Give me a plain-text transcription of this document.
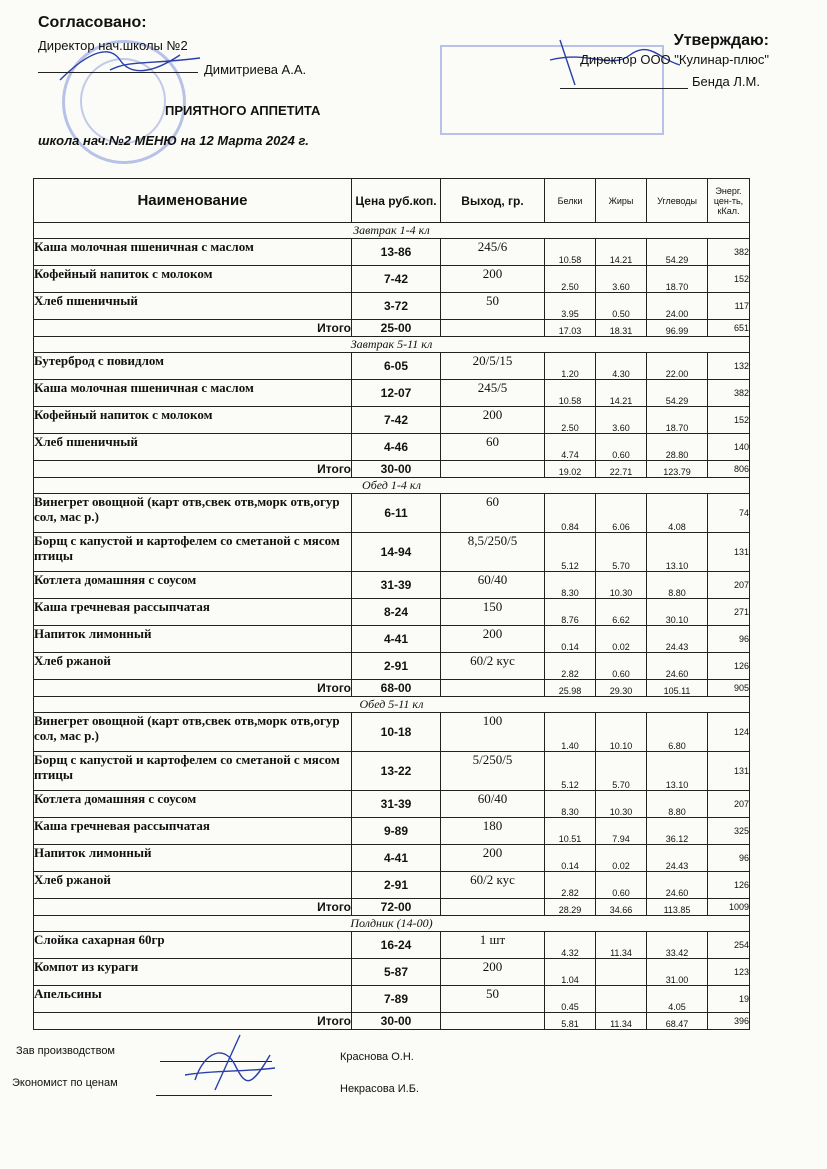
Согласовано:
Директор нач.школы №2
Димитриева А.А.
Утверждаю:
Директор ООО "Кулинар-плюс"
Бенда Л.М.
ПРИЯТНОГО АППЕТИТА
школа нач.№2 МЕНЮ на 12 Марта 2024 г.
Наименование	Цена руб.коп.	Выход, гр.	Белки	Жиры	Углеводы	Энерг. цен-ть, кКал.
Завтрак 1-4 кл						
Каша молочная пшеничная с маслом	13-86	245/6	10.58	14.21	54.29	382
Кофейный напиток с молоком	7-42	200	2.50	3.60	18.70	152
Хлеб пшеничный	3-72	50	3.95	0.50	24.00	117
Итого	25-00		17.03	18.31	96.99	651
Завтрак 5-11 кл						
Бутерброд с повидлом	6-05	20/5/15	1.20	4.30	22.00	132
Каша молочная пшеничная с маслом	12-07	245/5	10.58	14.21	54.29	382
Кофейный напиток с молоком	7-42	200	2.50	3.60	18.70	152
Хлеб пшеничный	4-46	60	4.74	0.60	28.80	140
Итого	30-00		19.02	22.71	123.79	806
Обед 1-4 кл						
Винегрет овощной (карт отв,свек отв,морк отв,огур сол, мас р.)	6-11	60	0.84	6.06	4.08	74
Борщ с капустой и картофелем со сметаной с мясом птицы	14-94	8,5/250/5	5.12	5.70	13.10	131
Котлета домашняя с соусом	31-39	60/40	8.30	10.30	8.80	207
Каша гречневая рассыпчатая	8-24	150	8.76	6.62	30.10	271
Напиток лимонный	4-41	200	0.14	0.02	24.43	96
Хлеб ржаной	2-91	60/2 кус	2.82	0.60	24.60	126
Итого	68-00		25.98	29.30	105.11	905
Обед 5-11 кл						
Винегрет овощной (карт отв,свек отв,морк отв,огур сол, мас р.)	10-18	100	1.40	10.10	6.80	124
Борщ с капустой и картофелем со сметаной с мясом птицы	13-22	5/250/5	5.12	5.70	13.10	131
Котлета домашняя с соусом	31-39	60/40	8.30	10.30	8.80	207
Каша гречневая рассыпчатая	9-89	180	10.51	7.94	36.12	325
Напиток лимонный	4-41	200	0.14	0.02	24.43	96
Хлеб ржаной	2-91	60/2 кус	2.82	0.60	24.60	126
Итого	72-00		28.29	34.66	113.85	1009
Полдник (14-00)						
Слойка сахарная 60гр	16-24	1 шт	4.32	11.34	33.42	254
Компот из кураги	5-87	200	1.04		31.00	123
Апельсины	7-89	50	0.45		4.05	19
Итого	30-00		5.81	11.34	68.47	396
Зав производством	Краснова О.Н.
Экономист по ценам	Некрасова И.Б.
